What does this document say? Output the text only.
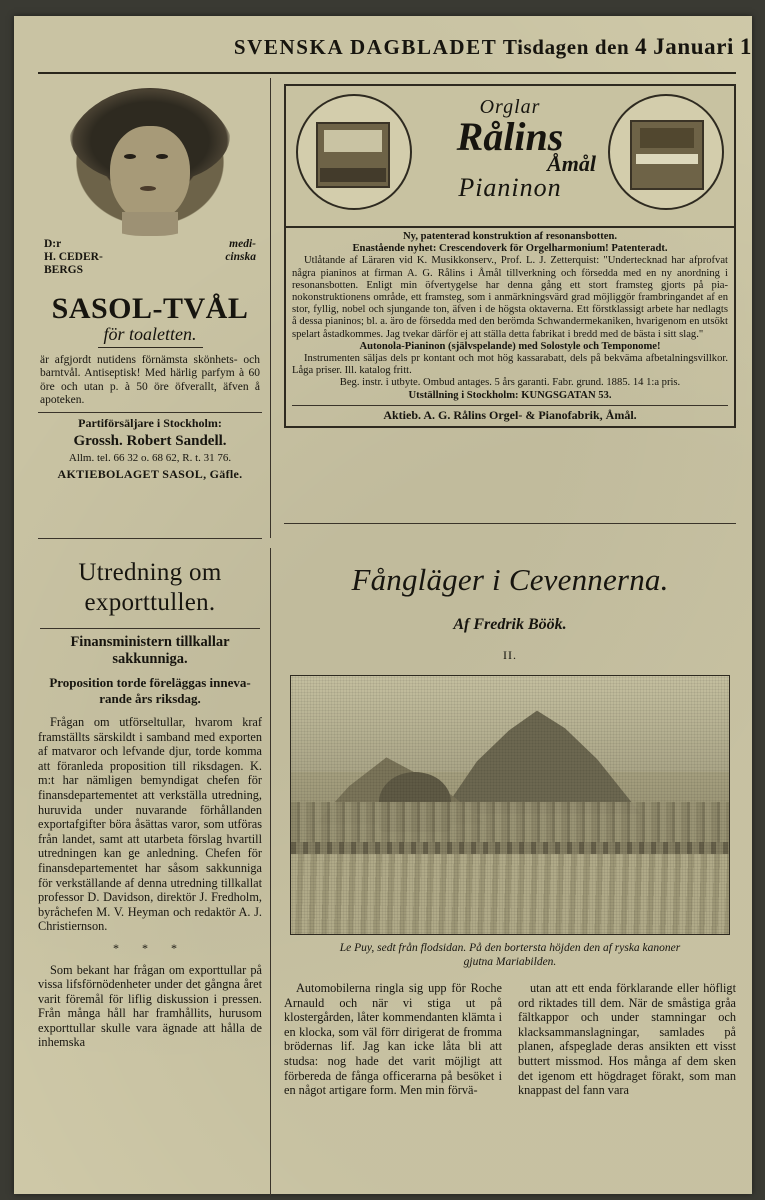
SVENSKA DAGBLADET Tisdagen den 4 Januari 1
D:r
H. CEDER-
BERGS
medi-
cinska
SASOL-TVÅL
för toaletten.
är afgjordt nutidens förnämsta skönhets- och barntvål. Antiseptisk! Med härlig parfym à 60 öre och utan p. à 50 öre öfverallt, äfven å apoteken.
Partiförsäljare i Stockholm:
Grossh. Robert Sandell.
Allm. tel. 66 32 o. 68 62, R. t. 31 76.
AKTIEBOLAGET SASOL, Gäfle.
Orglar
Rålins
Åmål
Pianinon

Ny, patenterad konstruktion af resonansbotten.

Enastående nyhet: Crescendoverk för Orgelharmonium! Patenteradt.

Utlåtande af Läraren vid K. Musikkonserv., Prof. L. J. Zetterquist: "Undertecknad har afprofvat några pianinos at firman A. G. Rålins i Åmål tillverkning och försedda med en ny anordning i resonansbotten. Enligt min öfvertygelse har denna gång ett stort framsteg gjorts på pianokonstruktionens område, ett framsteg, som i anmärkningsvärd grad möjliggör frambringandet af en stor, fyllig, nobel och sjungande ton, äfven i de högsta oktaverna. Ett förstklassigt arbete har nedlagts å dessa pianinos; bl. a. äro de försedda med den berömda Schwandermekaniken, hvarigenom en utsökt spelart åstadkommes. Jag tvekar därför ej att ställa detta fabrikat i bredd med de bästa i sitt slag."

Autonola-Pianinon (självspelande) med Solostyle och Temponome!

Instrumenten säljas dels pr kontant och mot hög kassarabatt, dels på bekväma afbetalningsvillkor. Låga priser. Ill. katalog fritt.

Beg. instr. i utbyte. Ombud antages. 5 års garanti. Fabr. grund. 1885. 14 1:a pris.

Utställning i Stockholm: KUNGSGATAN 53.

Aktieb. A. G. Rålins Orgel- & Pianofabrik, Åmål.
Utredning om
exporttullen.
Finansministern tillkallar
sakkunniga.
Proposition torde föreläggas inneva-
rande års riksdag.

Frågan om utförseltullar, hvarom kraf framställts särskildt i samband med exporten af matvaror och lefvande djur, torde komma att föranleda proposition till riksdagen. K. m:t har nämligen bemyndigat chefen för finansdepartementet att verkställa utredning, huruvida under nuvarande förhållanden exportafgifter böra åsättas varor, som utföras från landet, samt att utarbeta förslag hvartill utredningen kan ge anledning. Chefen för finansdepartementet har såsom sakkunniga för verkställande af denna utredning tillkallat professor D. Davidson, direktör J. Fredholm, byråchefen M. V. Heyman och redaktör A. J. Christiernson.

* * *

Som bekant har frågan om exporttullar på vissa lifsförnödenheter under det gångna året varit föremål för liflig diskussion i pressen. Från många håll har framhållits, hurusom exporttullar skulle vara ägnade att hålla de inhemska

Fångläger i Cevennerna.
Af Fredrik Böök.
II.
Le Puy, sedt från flodsidan. På den bortersta höjden den af ryska kanoner
gjutna Mariabilden.

Automobilerna ringla sig upp för Roche Arnauld och när vi stiga ut på klostergården, låter kommendanten klämta i en klocka, som väl förr dirigerat de fromma brödernas lif. Jag kan icke låta bli att studsa: nog hade det varit möjligt att förbereda de fånga officerarna på besöket i en något artigare form. Men min förvä-

utan att ett enda förklarande eller höfligt ord riktades till dem. När de småstiga gråa fältkappor och under stamningar och klacksammanslagningar, samlades på planen, afspeglade deras ansikten ett visst buttert missmod. Hos många af dem sken det igenom ett högdraget förakt, som man knappast del fann vara
